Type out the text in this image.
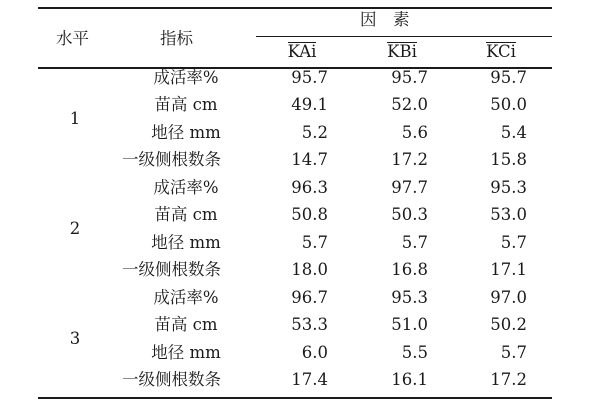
水平	指标
因　素
KAi	KBi	KCi
成活率%	95.7	95.7	95.7
苗高 cm	49.1	52.0	50.0
地径 mm	5.2	5.6	5.4
一级侧根数条	14.7	17.2	15.8
1
成活率%	96.3	97.7	95.3
苗高 cm	50.8	50.3	53.0
地径 mm	5.7	5.7	5.7
一级侧根数条	18.0	16.8	17.1
2
成活率%	96.7	95.3	97.0
苗高 cm	53.3	51.0	50.2
地径 mm	6.0	5.5	5.7
一级侧根数条	17.4	16.1	17.2
3
